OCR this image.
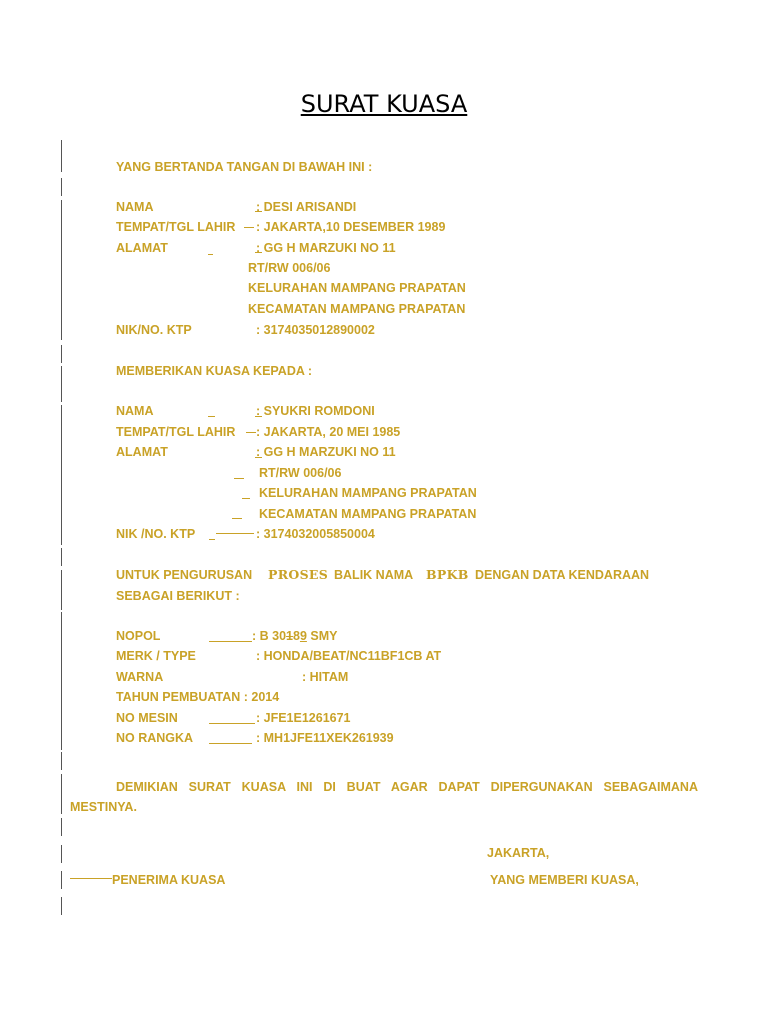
SURAT KUASA
YANG BERTANDA TANGAN DI BAWAH INI :
NAMA	: DESI ARISANDI
TEMPAT/TGL LAHIR : JAKARTA,10 DESEMBER 1989
ALAMAT	: GG H MARZUKI NO 11
RT/RW 006/06
KELURAHAN MAMPANG PRAPATAN
KECAMATAN MAMPANG PRAPATAN
NIK/NO. KTP	: 3174035012890002
MEMBERIKAN KUASA KEPADA :
NAMA	: SYUKRI ROMDONI
TEMPAT/TGL LAHIR : JAKARTA, 20 MEI 1985
ALAMAT	: GG H MARZUKI NO 11
RT/RW 006/06
KELURAHAN MAMPANG PRAPATAN
KECAMATAN MAMPANG PRAPATAN
NIK /NO. KTP	: 3174032005850004
UNTUK PENGURUSAN PROSES BALIK NAMA BPKB DENGAN DATA KENDARAAN
SEBAGAI BERIKUT :
NOPOL	: B 30189 SMY
MERK / TYPE	: HONDA/BEAT/NC11BF1CB AT
WARNA	: HITAM
TAHUN PEMBUATAN : 2014
NO MESIN	: JFE1E1261671
NO RANGKA	: MH1JFE11XEK261939
DEMIKIAN SURAT KUASA INI DI BUAT AGAR DAPAT DIPERGUNAKAN SEBAGAIMANA MESTINYA.
JAKARTA,
PENERIMA KUASA	YANG MEMBERI KUASA,
